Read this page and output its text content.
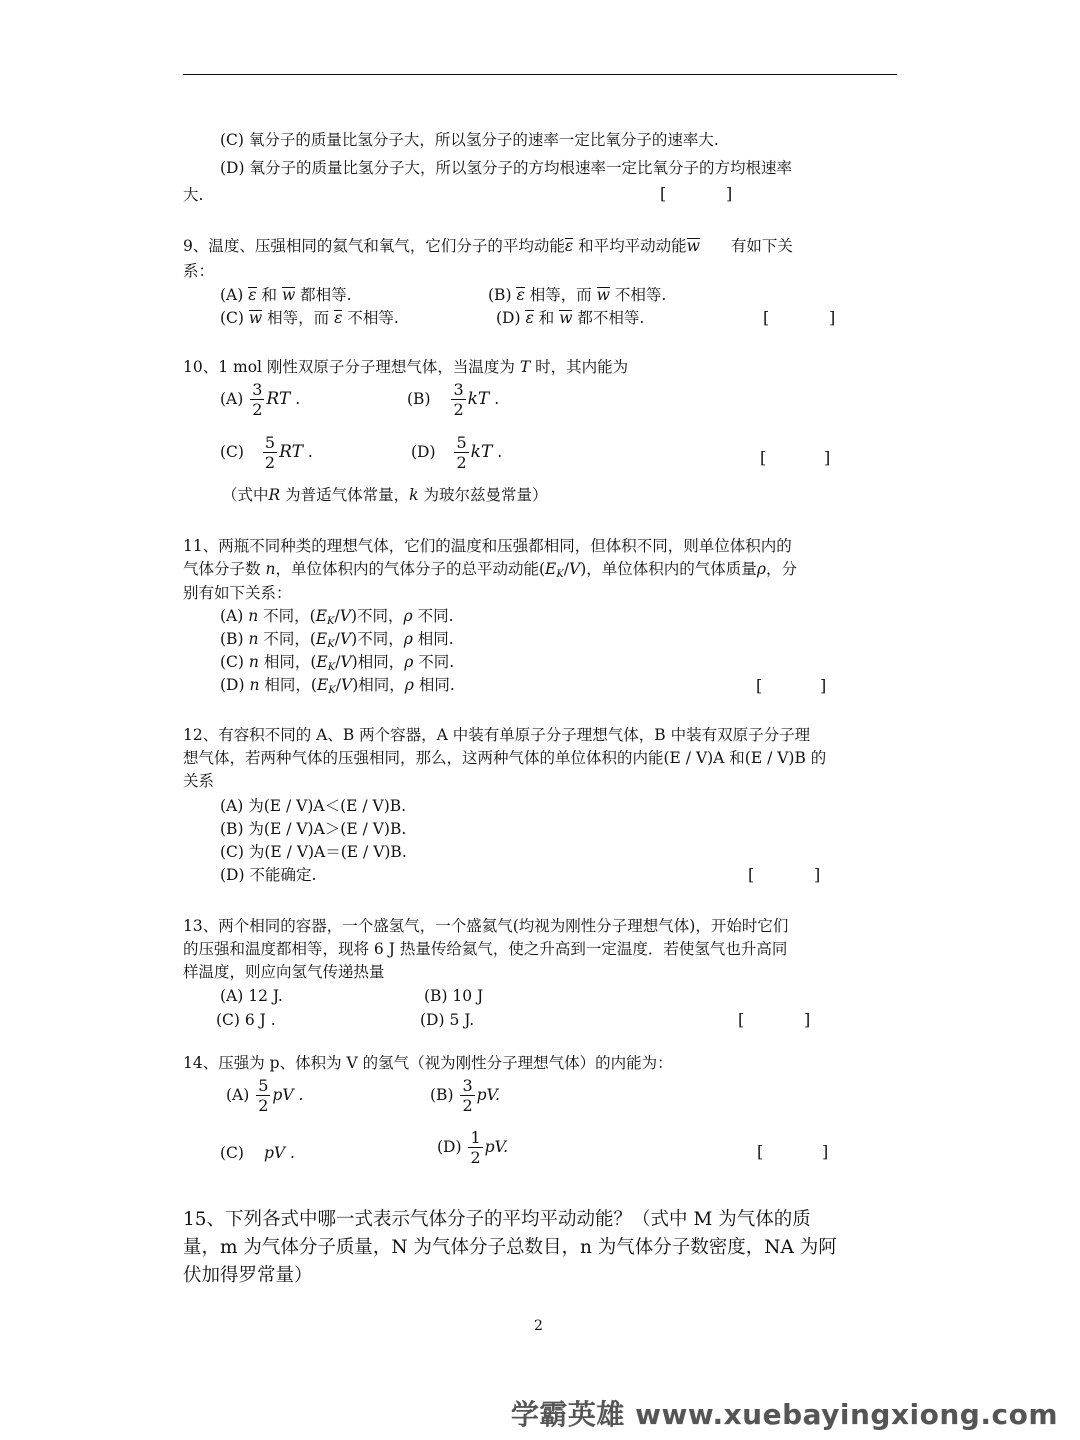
(C) 氧分子的质量比氢分子大，所以氢分子的速率一定比氧分子的速率大.
(D) 氧分子的质量比氢分子大，所以氢分子的方均根速率一定比氧分子的方均根速率
大.	[	]
9、温度、压强相同的氦气和氧气，它们分子的平均动能ε 和平均平动动能w 有如下关
系：
(A) ε 和 w 都相等.	(B) ε 相等，而 w 不相等.
(C) w 相等，而 ε 不相等.	(D) ε 和 w 都不相等.	[	]
10、1 mol 刚性双原子分子理想气体，当温度为 T 时，其内能为
$(A) \frac{3}{2}$ RT .	$(B) \frac{3}{2}$ kT .
$(C) \frac{5}{2}$ RT .	$(D) \frac{5}{2}$ kT .	[	]
（式中R 为普适气体常量，k 为玻尔兹曼常量）
11、两瓶不同种类的理想气体，它们的温度和压强都相同，但体积不同，则单位体积内的
气体分子数 n，单位体积内的气体分子的总平动动能$(E_K/V)$，单位体积内的气体质量ρ，分
别有如下关系：
(A) n 不同，$(E_K/V)$不同，ρ 不同.
(B) n 不同，$(E_K/V)$不同，ρ 相同.
(C) n 相同，$(E_K/V)$相同，ρ 不同.
(D) n 相同，$(E_K/V)$相同，ρ 相同.	[	]
12、有容积不同的 A、B 两个容器，A 中装有单原子分子理想气体，B 中装有双原子分子理
想气体，若两种气体的压强相同，那么，这两种气体的单位体积的内能(E / V)A 和(E / V)B 的
关系
(A) 为(E / V)A＜(E / V)B.
(B) 为(E / V)A＞(E / V)B.
(C) 为(E / V)A＝(E / V)B.
(D) 不能确定.	[	]
13、两个相同的容器，一个盛氢气，一个盛氦气(均视为刚性分子理想气体)，开始时它们
的压强和温度都相等，现将 6 J 热量传给氦气，使之升高到一定温度．若使氢气也升高同
样温度，则应向氢气传递热量
(A) 12 J.	(B) 10 J
(C) 6 J .	(D) 5 J.	[	]
14、压强为 p、体积为 V 的氢气（视为刚性分子理想气体）的内能为：
$(A) \frac{5}{2}$ pV .	$(B) \frac{3}{2}$ pV.
(C) pV .	$(D) \frac{1}{2}$ pV.	[	]
15、下列各式中哪一式表示气体分子的平均平动动能？（式中 M 为气体的质
量，m 为气体分子质量，N 为气体分子总数目，n 为气体分子数密度，NA 为阿
伏加得罗常量）
2
学霸英雄 www.xuebayingxiong.com
